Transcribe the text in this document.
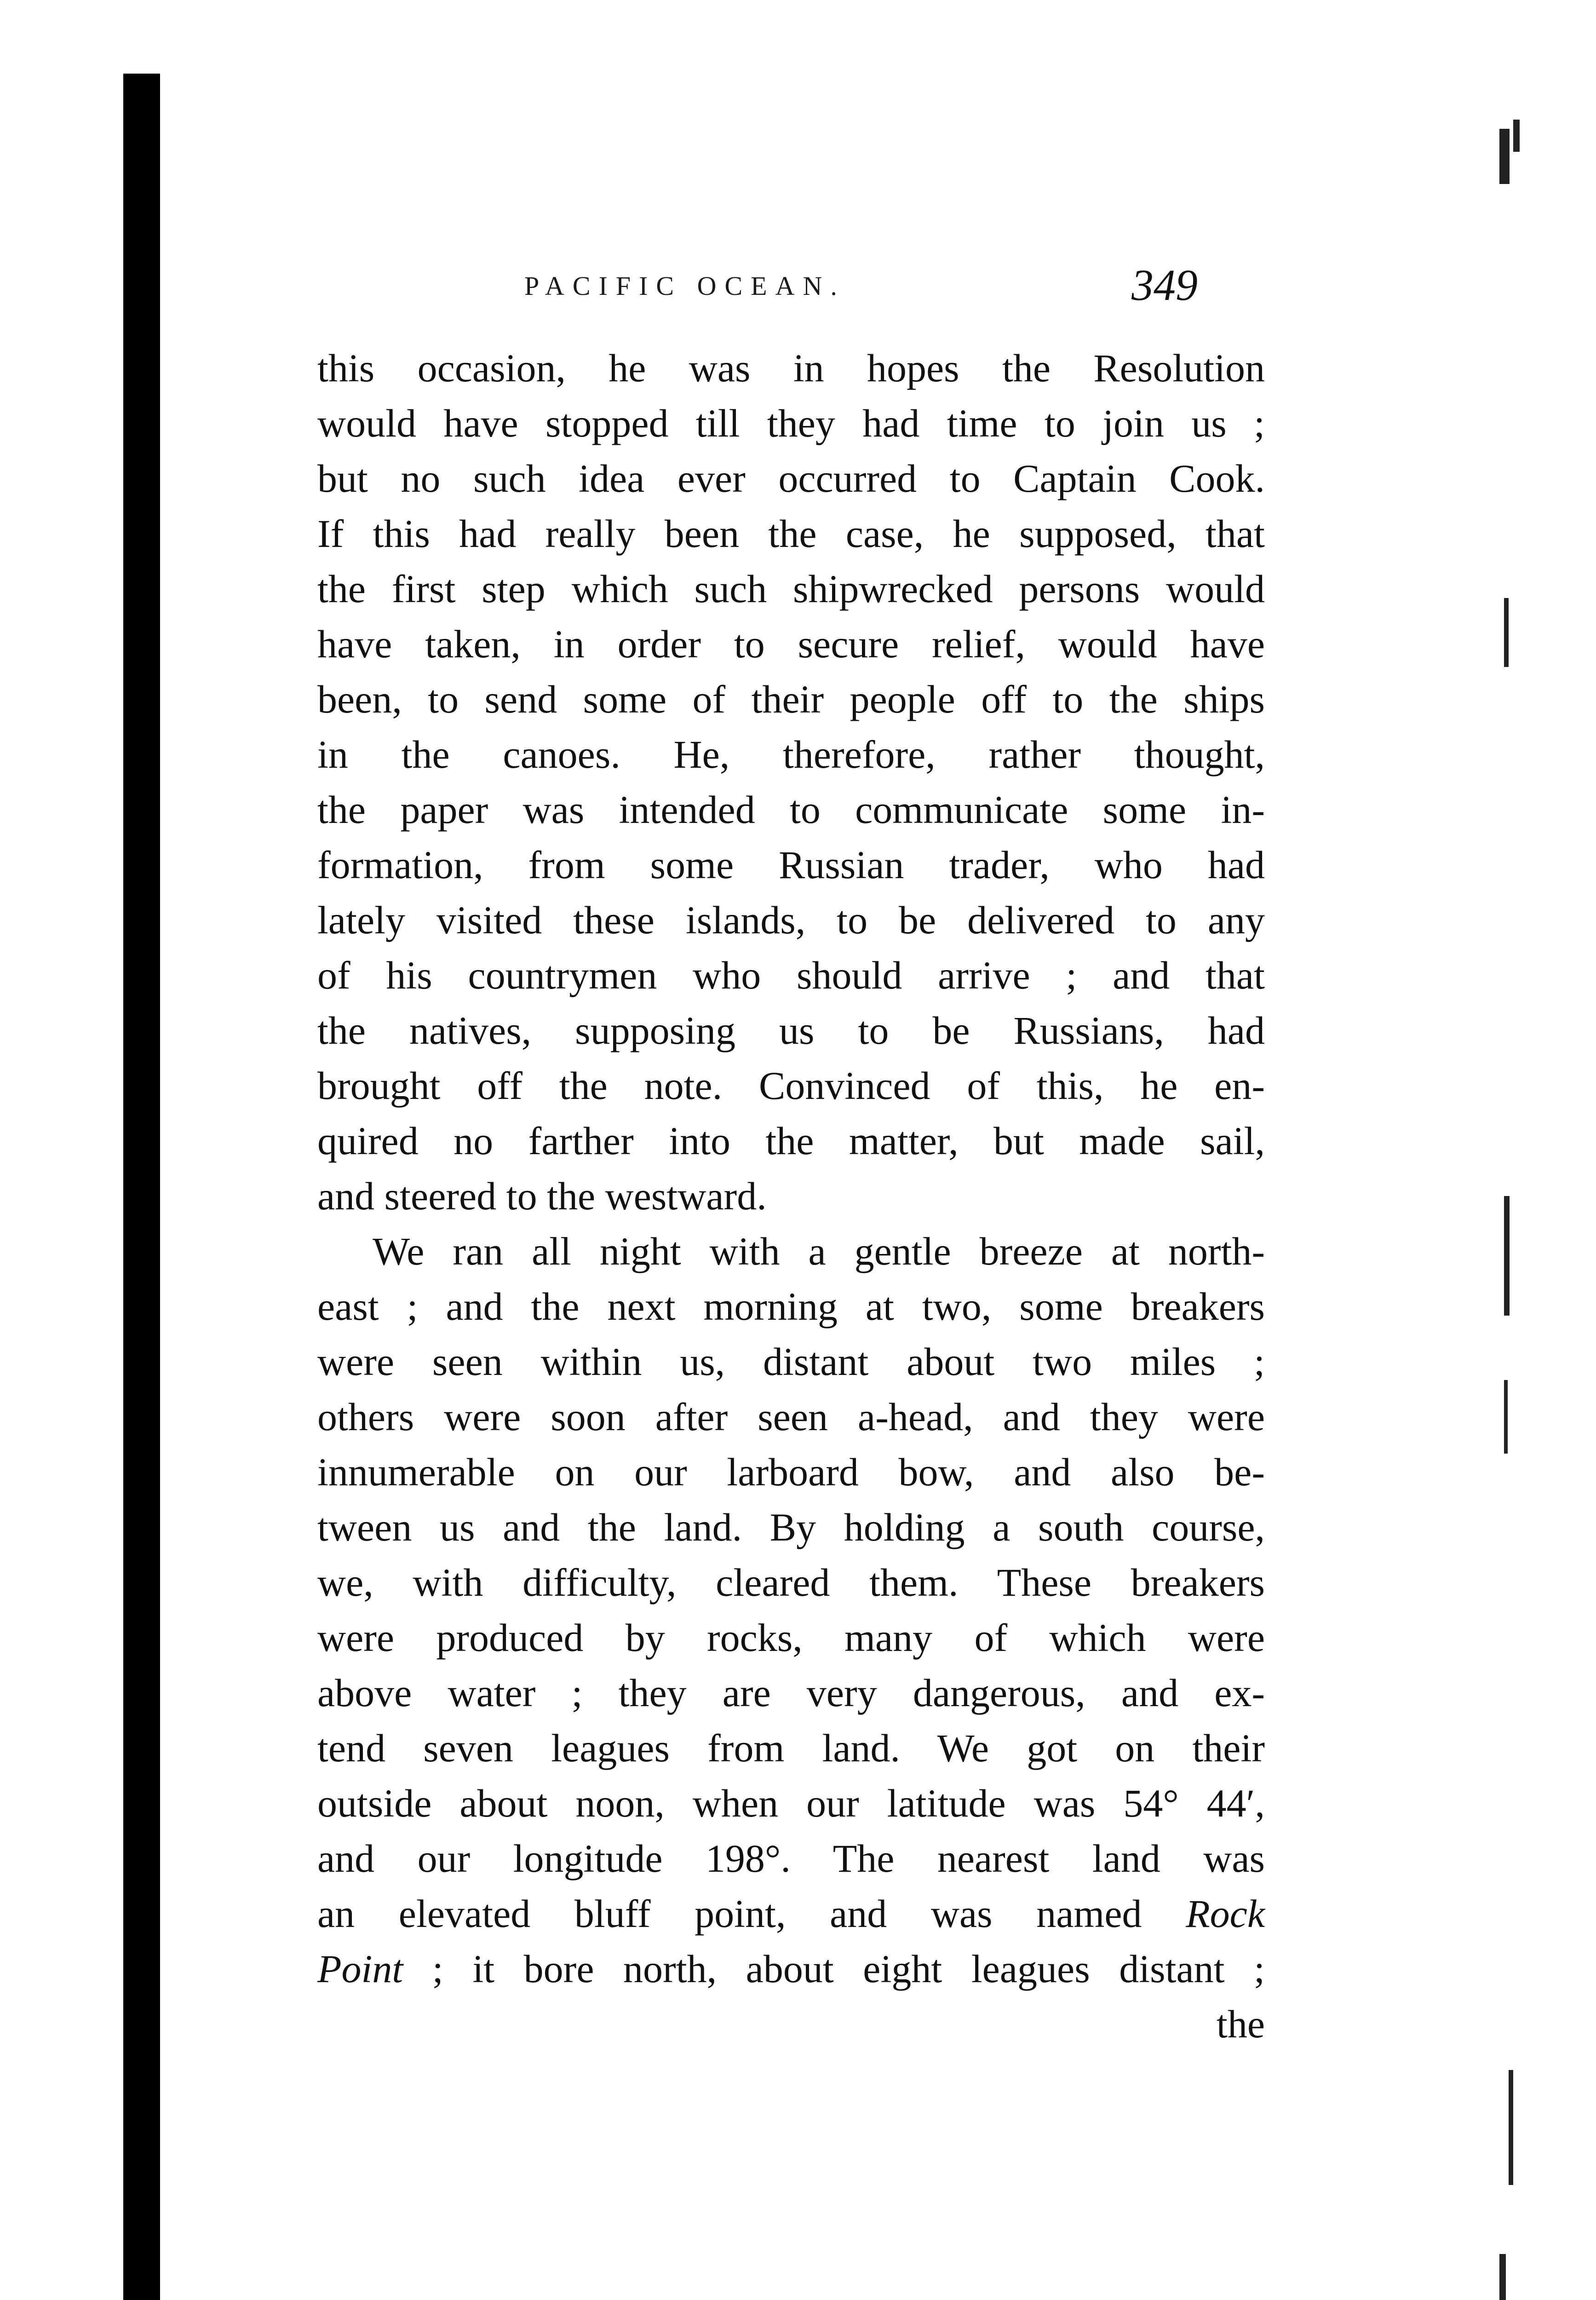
PACIFIC OCEAN.	349
this occasion, he was in hopes the Resolution
would have stopped till they had time to join us ;
but no such idea ever occurred to Captain Cook.
If this had really been the case, he supposed, that
the first step which such shipwrecked persons would
have taken, in order to secure relief, would have
been, to send some of their people off to the ships
in the canoes. He, therefore, rather thought,
the paper was intended to communicate some in-
formation, from some Russian trader, who had
lately visited these islands, to be delivered to any
of his countrymen who should arrive ; and that
the natives, supposing us to be Russians, had
brought off the note. Convinced of this, he en-
quired no farther into the matter, but made sail,
and steered to the westward.
We ran all night with a gentle breeze at north-
east ; and the next morning at two, some breakers
were seen within us, distant about two miles ;
others were soon after seen a-head, and they were
innumerable on our larboard bow, and also be-
tween us and the land. By holding a south course,
we, with difficulty, cleared them. These breakers
were produced by rocks, many of which were
above water ; they are very dangerous, and ex-
tend seven leagues from land. We got on their
outside about noon, when our latitude was 54° 44′,
and our longitude 198°. The nearest land was
an elevated bluff point, and was named Rock
Point ; it bore north, about eight leagues distant ;
the
